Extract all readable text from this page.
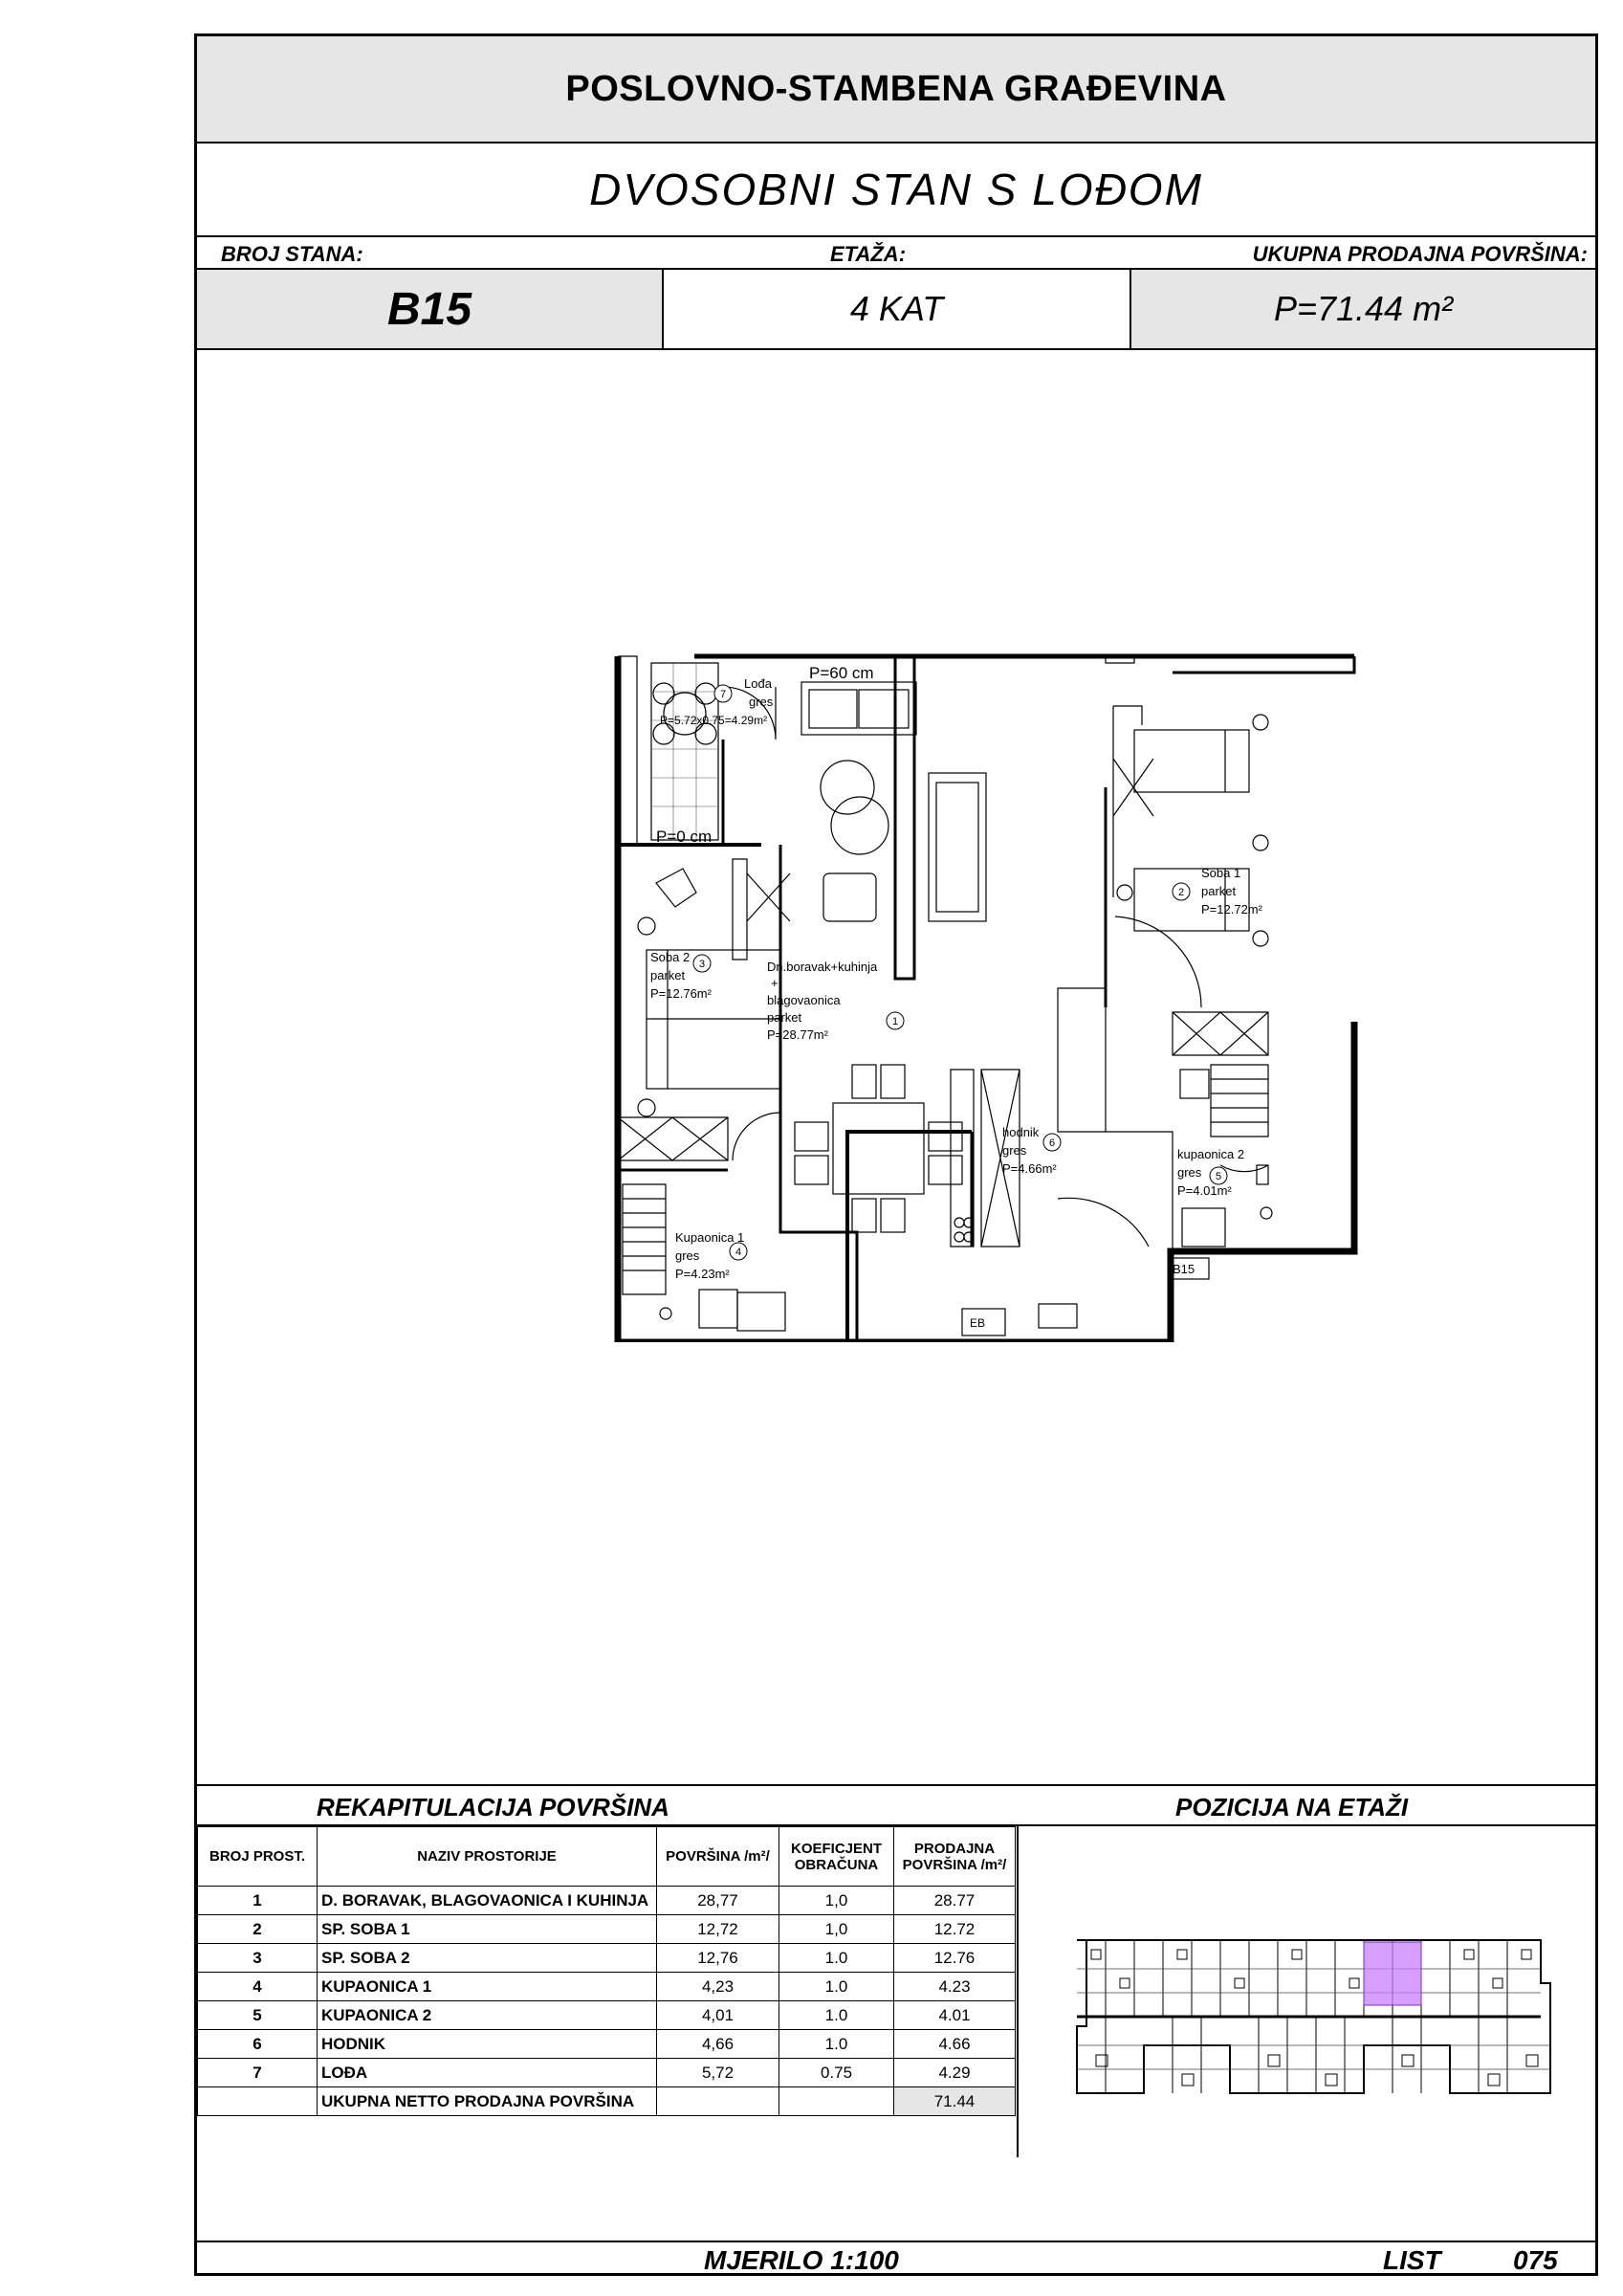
POSLOVNO-STAMBENA GRAĐEVINA
DVOSOBNI STAN S LOĐOM
BROJ STANA:	ETAŽA:	UKUPNA PRODAJNA POVRŠINA:
B15	4 KAT	P=71.44 m²
7
2
3
4
5
6
1
P=60 cm
P=0 cm
Lođa
gres
P=5.72x0.75=4.29m²
Dn.boravak+kuhinja
+
blagovaonica
parket
P=28.77m²
Soba 1
parket
P=12.72m²
Soba 2
parket
P=12.76m²
Kupaonica 1
gres
P=4.23m²
kupaonica 2
gres
P=4.01m²
hodnik
gres
P=4.66m²
EB
B15
REKAPITULACIJA POVRŠINA	POZICIJA NA ETAŽI
BROJ PROST.	NAZIV PROSTORIJE	POVRŠINA /m²/	KOEFICJENT OBRAČUNA	PRODAJNA POVRŠINA /m²/
1	D. BORAVAK, BLAGOVAONICA I KUHINJA	28,77	1,0	28.77
2	SP. SOBA 1	12,72	1,0	12.72
3	SP. SOBA 2	12,76	1.0	12.76
4	KUPAONICA 1	4,23	1.0	4.23
5	KUPAONICA 2	4,01	1.0	4.01
6	HODNIK	4,66	1.0	4.66
7	LOĐA	5,72	0.75	4.29
	UKUPNA NETTO PRODAJNA POVRŠINA			71.44
MJERILO 1:100	LIST	075
